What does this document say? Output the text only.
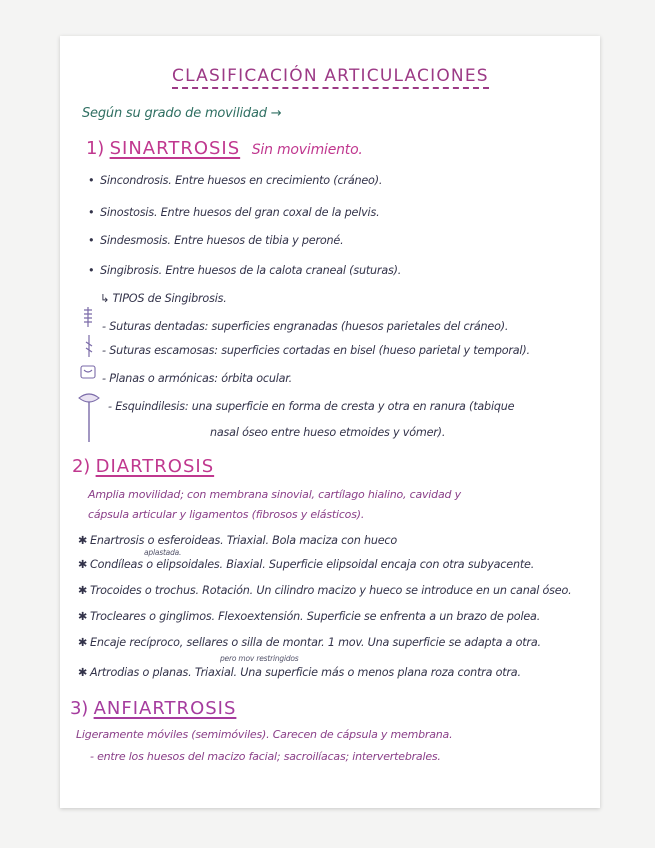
CLASIFICACIÓN ARTICULACIONES
Según su grado de movilidad →
1) SINARTROSIS Sin movimiento.
• Sincondrosis. Entre huesos en crecimiento (cráneo).
• Sinostosis. Entre huesos del gran coxal de la pelvis.
• Sindesmosis. Entre huesos de tibia y peroné.
• Singibrosis. Entre huesos de la calota craneal (suturas).
↳ TIPOS de Singibrosis.
- Suturas dentadas: superficies engranadas (huesos parietales del cráneo).
- Suturas escamosas: superficies cortadas en bisel (hueso parietal y temporal).
- Planas o armónicas: órbita ocular.
- Esquindilesis: una superficie en forma de cresta y otra en ranura (tabique
nasal óseo entre hueso etmoides y vómer).
2) DIARTROSIS
Amplia movilidad; con membrana sinovial, cartílago hialino, cavidad y
cápsula articular y ligamentos (fibrosos y elásticos).
✱ Enartrosis o esferoideas. Triaxial. Bola maciza con hueco
aplastada.
✱ Condíleas o elipsoidales. Biaxial. Superficie elipsoidal encaja con otra subyacente.
✱ Trocoides o trochus. Rotación. Un cilindro macizo y hueco se introduce en un canal óseo.
✱ Trocleares o ginglimos. Flexoextensión. Superficie se enfrenta a un brazo de polea.
✱ Encaje recíproco, sellares o silla de montar. 1 mov. Una superficie se adapta a otra.
pero mov restringidos
✱ Artrodias o planas. Triaxial. Una superficie más o menos plana roza contra otra.
3) ANFIARTROSIS
Ligeramente móviles (semimóviles). Carecen de cápsula y membrana.
- entre los huesos del macizo facial; sacroilíacas; intervertebrales.
